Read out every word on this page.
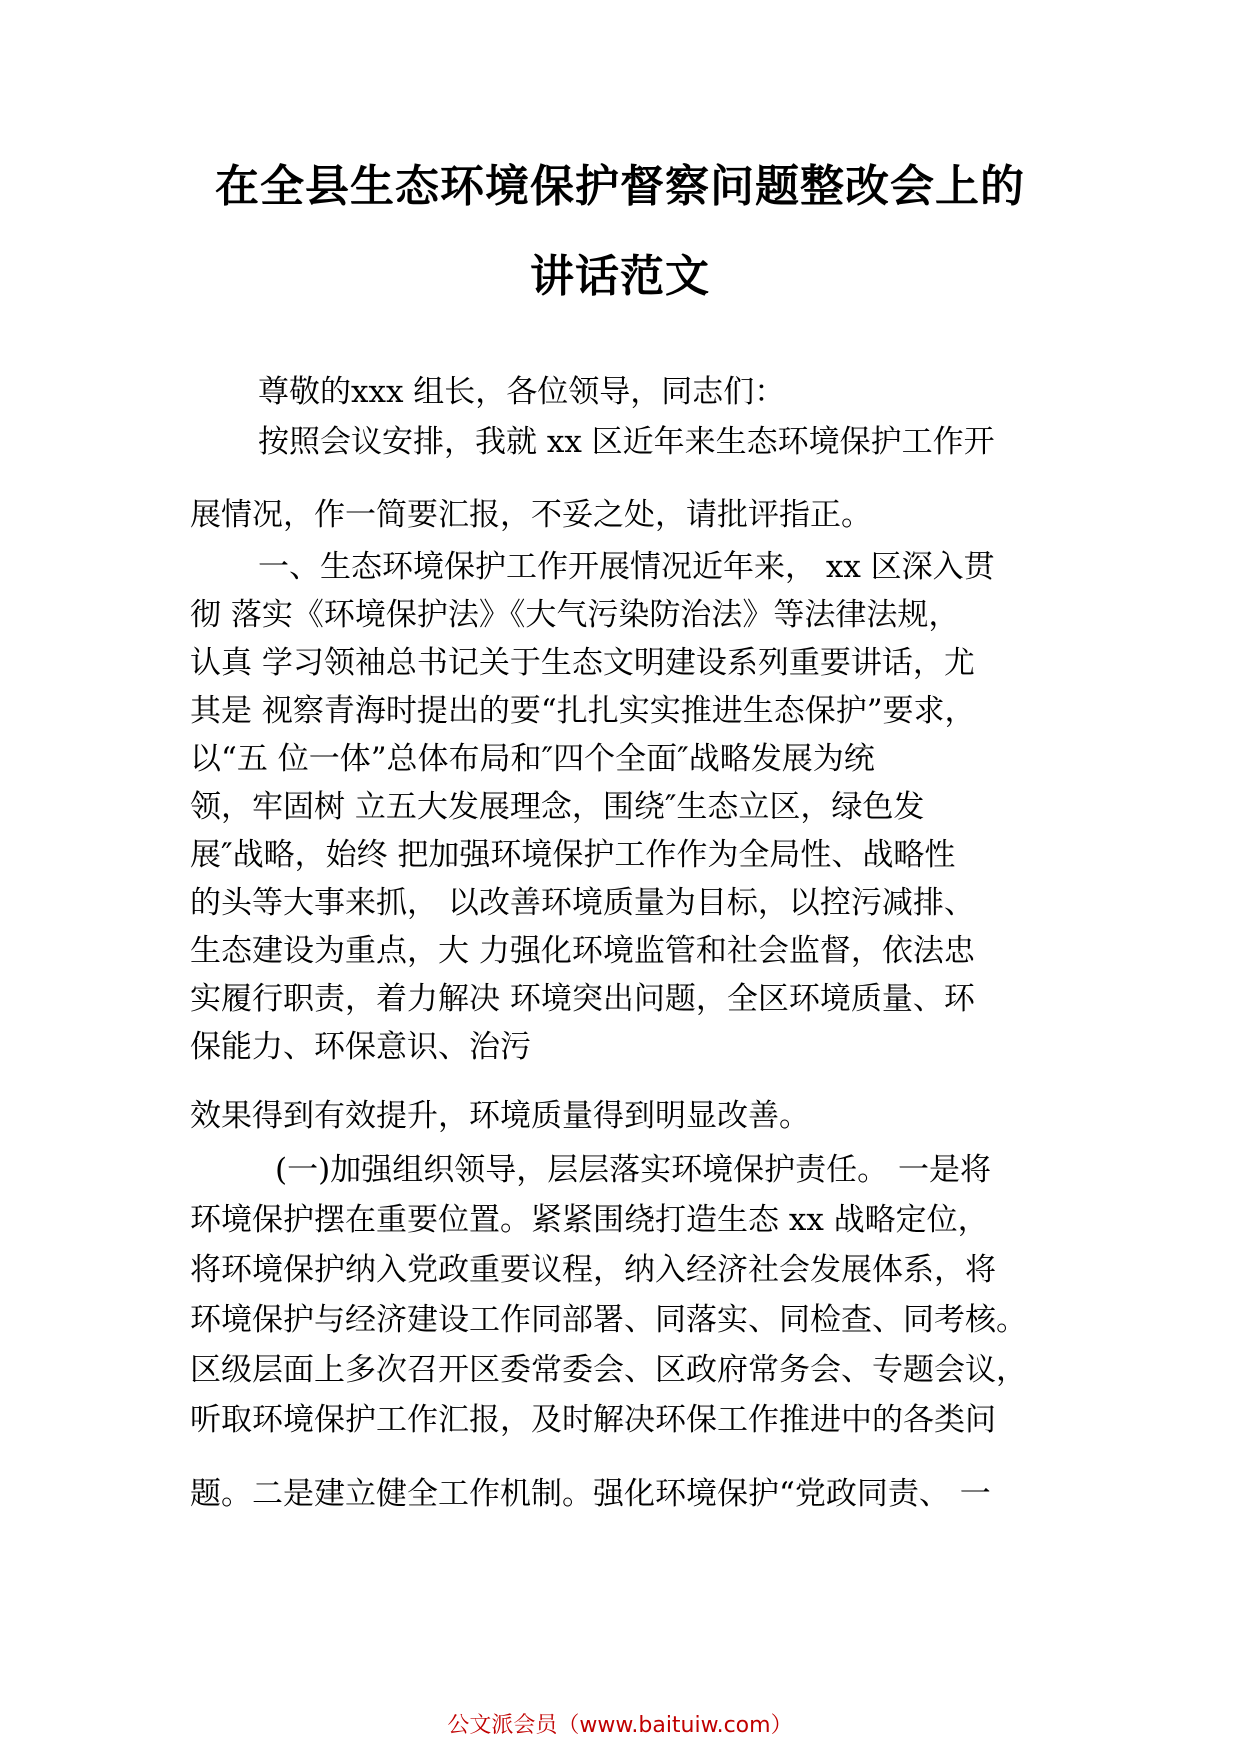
在全县生态环境保护督察问题整改会上的
讲话范文

尊敬的xxx 组长，各位领导，同志们：

按照会议安排，我就 xx 区近年来生态环境保护工作开

展情况，作一简要汇报，不妥之处，请批评指正。

一、生态环境保护工作开展情况近年来， xx 区深入贯

彻 落实《环境保护法》《大气污染防治法》等法律法规，

认真 学习领袖总书记关于生态文明建设系列重要讲话，尤

其是 视察青海时提出的要“扎扎实实推进生态保护”要求，

以“五 位一体”总体布局和″四个全面″战略发展为统

领，牢固树 立五大发展理念，围绕″生态立区，绿色发

展″战略，始终 把加强环境保护工作作为全局性、战略性

的头等大事来抓， 以改善环境质量为目标，以控污减排、

生态建设为重点，大 力强化环境监管和社会监督，依法忠

实履行职责，着力解决 环境突出问题，全区环境质量、环

保能力、环保意识、治污

效果得到有效提升，环境质量得到明显改善。

(一)加强组织领导，层层落实环境保护责任。 一是将

环境保护摆在重要位置。紧紧围绕打造生态 xx 战略定位，

将环境保护纳入党政重要议程，纳入经济社会发展体系，将

环境保护与经济建设工作同部署、同落实、同检查、同考核。

区级层面上多次召开区委常委会、区政府常务会、专题会议，

听取环境保护工作汇报，及时解决环保工作推进中的各类问

题。二是建立健全工作机制。强化环境保护“党政同责、 一

公文派会员（www.baituiw.com）
